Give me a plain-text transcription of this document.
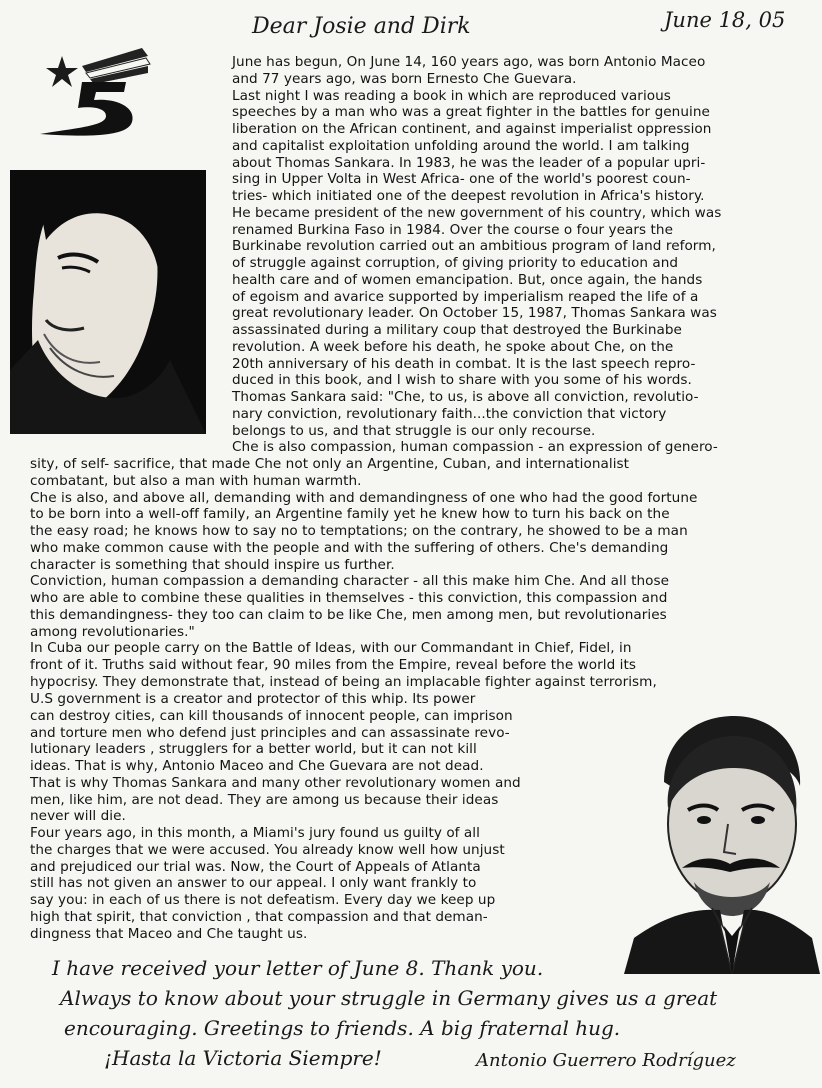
Dear Josie and Dirk	June 18, 05
June has begun, On June 14, 160 years ago, was born Antonio Maceo
and 77 years ago, was born Ernesto Che Guevara.
Last night I was reading a book in which are reproduced various
speeches by a man who was a great fighter in the battles for genuine
liberation on the African continent, and against imperialist oppression
and capitalist exploitation unfolding around the world. I am talking
about Thomas Sankara. In 1983, he was the leader of a popular upri-
sing in Upper Volta in West Africa- one of the world's poorest coun-
tries- which initiated one of the deepest revolution in Africa's history.
He became president of the new government of his country, which was
renamed Burkina Faso in 1984. Over the course o four years the
Burkinabe revolution carried out an ambitious program of land reform,
of struggle against corruption, of giving priority to education and
health care and of women emancipation. But, once again, the hands
of egoism and avarice supported by imperialism reaped the life of a
great revolutionary leader. On October 15, 1987, Thomas Sankara was
assassinated during a military coup that destroyed the Burkinabe
revolution. A week before his death, he spoke about Che, on the
20th anniversary of his death in combat. It is the last speech repro-
duced in this book, and I wish to share with you some of his words.
Thomas Sankara said: "Che, to us, is above all conviction, revolutio-
nary conviction, revolutionary faith...the conviction that victory
belongs to us, and that struggle is our only recourse.
Che is also compassion, human compassion - an expression of genero-
sity, of self- sacrifice, that made Che not only an Argentine, Cuban, and internationalist
combatant, but also a man with human warmth.
Che is also, and above all, demanding with and demandingness of one who had the good fortune
to be born into a well-off family, an Argentine family yet he knew how to turn his back on the
the easy road; he knows how to say no to temptations; on the contrary, he showed to be a man
who make common cause with the people and with the suffering of others. Che's demanding
character is something that should inspire us further.
Conviction, human compassion a demanding character - all this make him Che. And all those
who are able to combine these qualities in themselves - this conviction, this compassion and
this demandingness- they too can claim to be like Che, men among men, but revolutionaries
among revolutionaries."
In Cuba our people carry on the Battle of Ideas, with our Commandant in Chief, Fidel, in
front of it. Truths said without fear, 90 miles from the Empire, reveal before the world its
hypocrisy. They demonstrate that, instead of being an implacable fighter against terrorism,
U.S government is a creator and protector of this whip. Its power
can destroy cities, can kill thousands of innocent people, can imprison
and torture men who defend just principles and can assassinate revo-
lutionary leaders , strugglers for a better world, but it can not kill
ideas. That is why, Antonio Maceo and Che Guevara are not dead.
That is why Thomas Sankara and many other revolutionary women and
men, like him, are not dead. They are among us because their ideas
never will die.
Four years ago, in this month, a Miami's jury found us guilty of all
the charges that we were accused. You already know well how unjust
and prejudiced our trial was. Now, the Court of Appeals of Atlanta
still has not given an answer to our appeal. I only want frankly to
say you: in each of us there is not defeatism. Every day we keep up
high that spirit, that conviction , that compassion and that deman-
dingness that Maceo and Che taught us.
I have received your letter of June 8. Thank you.
Always to know about your struggle in Germany gives us a great
encouraging. Greetings to friends. A big fraternal hug.
¡Hasta la Victoria Siempre!	Antonio Guerrero Rodríguez
